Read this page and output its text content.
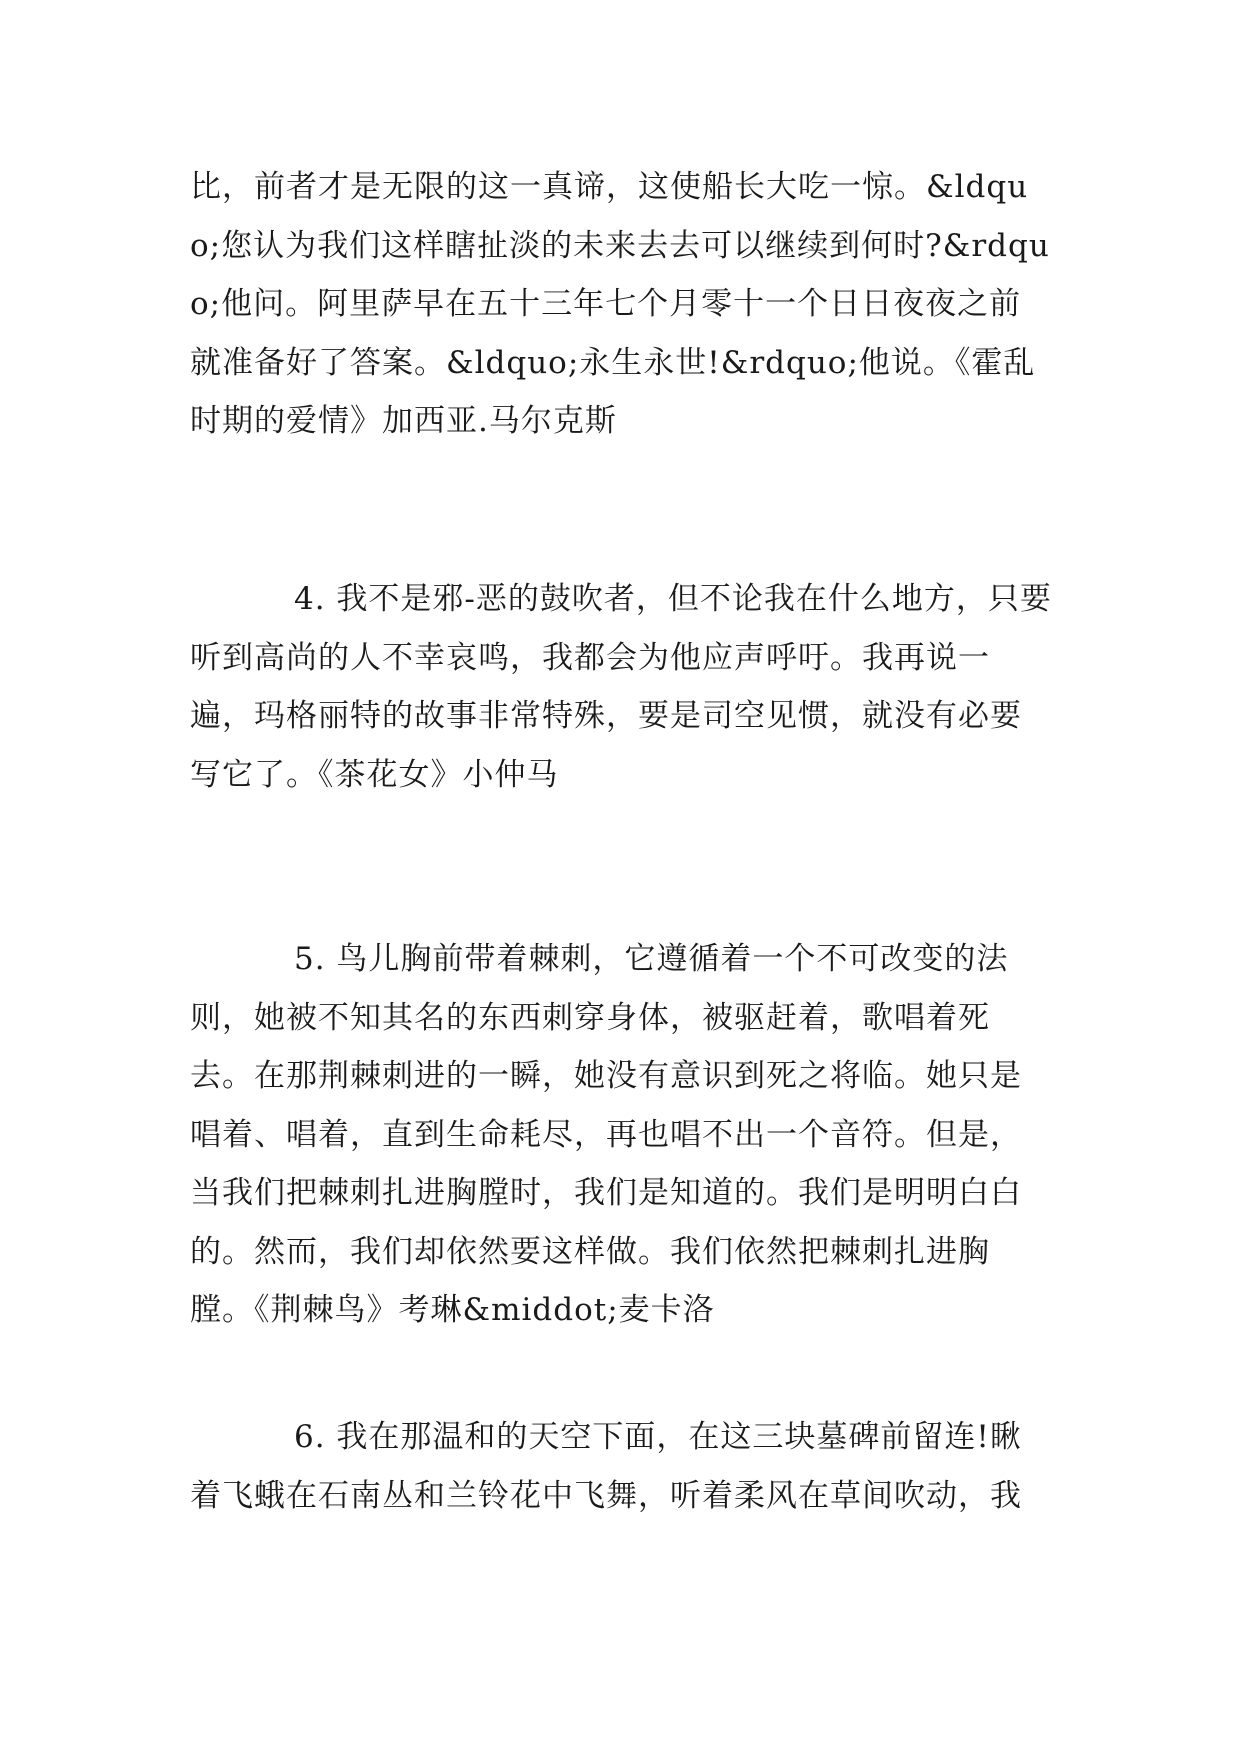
比，前者才是无限的这一真谛，这使船长大吃一惊。&ldquo;您认为我们这样瞎扯淡的未来去去可以继续到何时?&rdquo;他问。阿里萨早在五十三年七个月零十一个日日夜夜之前就准备好了答案。&ldquo;永生永世!&rdquo;他说。《霍乱时期的爱情》加西亚.马尔克斯

4. 我不是邪-恶的鼓吹者，但不论我在什么地方，只要听到高尚的人不幸哀鸣，我都会为他应声呼吁。我再说一遍，玛格丽特的故事非常特殊，要是司空见惯，就没有必要写它了。《茶花女》小仲马

5. 鸟儿胸前带着棘刺，它遵循着一个不可改变的法则，她被不知其名的东西刺穿身体，被驱赶着，歌唱着死去。在那荆棘刺进的一瞬，她没有意识到死之将临。她只是唱着、唱着，直到生命耗尽，再也唱不出一个音符。但是，当我们把棘刺扎进胸膛时，我们是知道的。我们是明明白白的。然而，我们却依然要这样做。我们依然把棘刺扎进胸膛。《荆棘鸟》考琳&middot;麦卡洛

6. 我在那温和的天空下面，在这三块墓碑前留连!瞅着飞蛾在石南丛和兰铃花中飞舞，听着柔风在草间吹动，我
